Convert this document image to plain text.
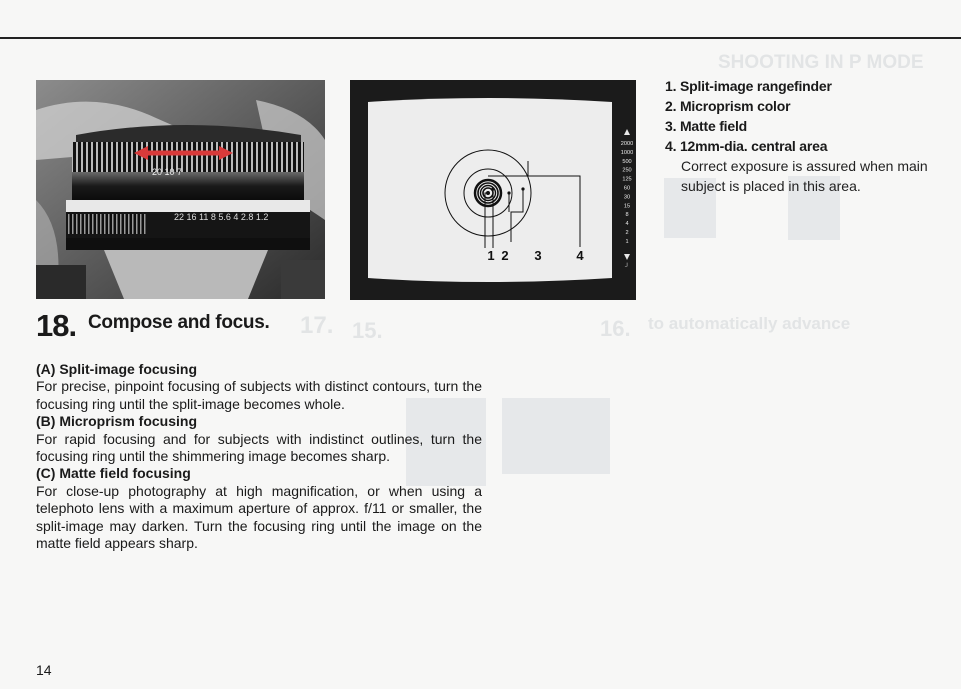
SHOOTING IN P MODE
17. 15.	16. to automatically advance
20 10 7
22 16 11 8 5.6 4 2.8 1.2
2000
1000
500
250
125
60
30
15
8
4
2
1
┘
1 2 3	4
1. Split-image rangefinder
2. Microprism color
3. Matte field
4. 12mm-dia. central area
Correct exposure is assured when main subject is placed in this area.
18. Compose and focus.
(A) Split-image focusing

For precise, pinpoint focusing of subjects with distinct contours, turn the focusing ring until the split-image becomes whole.

(B) Microprism focusing

For rapid focusing and for subjects with indistinct outlines, turn the focusing ring until the shimmering image becomes sharp.

(C) Matte field focusing

For close-up photography at high magnification, or when using a telephoto lens with a maximum aperture of approx. f/11 or smaller, the split-image may darken. Turn the focusing ring until the image on the matte field appears sharp.

14
